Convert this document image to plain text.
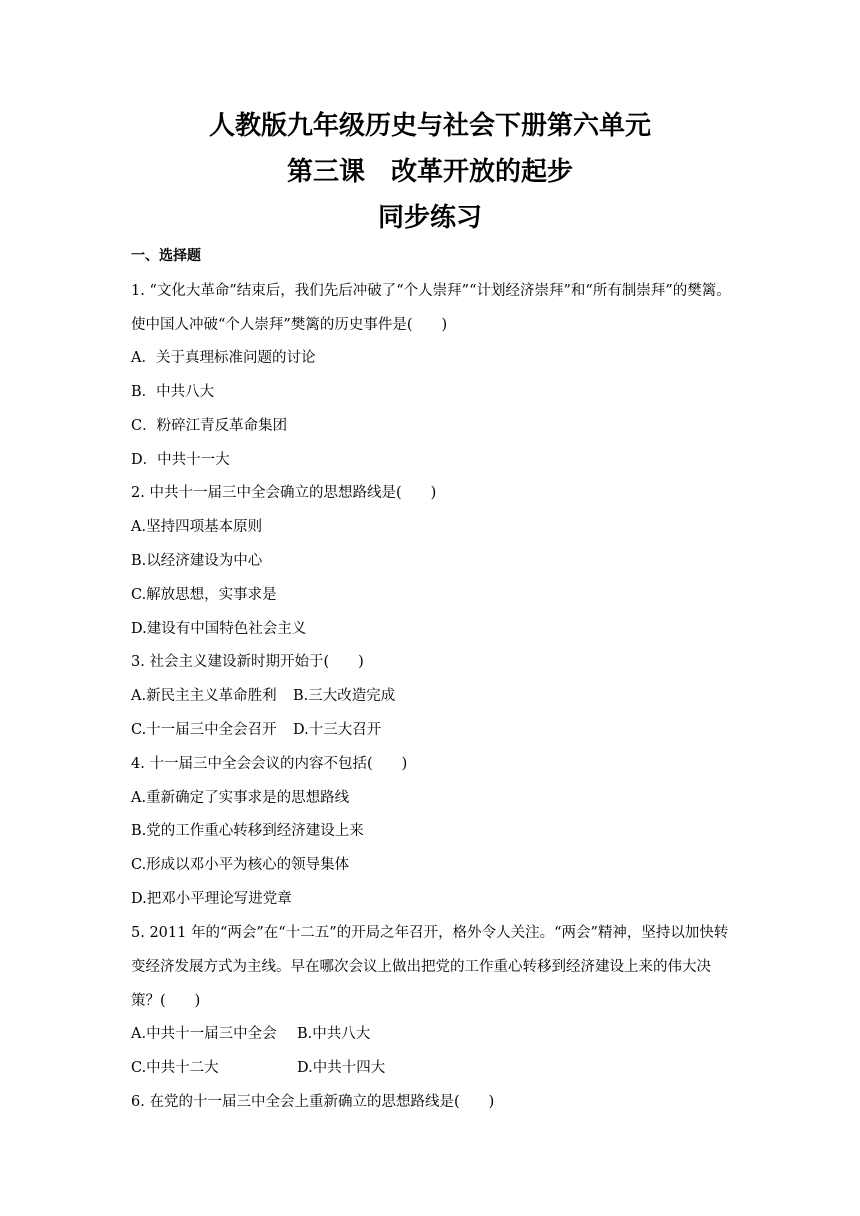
人教版九年级历史与社会下册第六单元
第三课　改革开放的起步
同步练习
一、选择题
1. “文化大革命”结束后，我们先后冲破了“个人崇拜”“计划经济崇拜”和“所有制崇拜”的樊篱。
使中国人冲破“个人崇拜”樊篱的历史事件是(　　)
A．关于真理标准问题的讨论
B．中共八大
C．粉碎江青反革命集团
D．中共十一大
2. 中共十一届三中全会确立的思想路线是(　　)
A.坚持四项基本原则
B.以经济建设为中心
C.解放思想，实事求是
D.建设有中国特色社会主义
3. 社会主义建设新时期开始于(　　)
A.新民主主义革命胜利 B.三大改造完成
C.十一届三中全会召开 D.十三大召开
4. 十一届三中全会会议的内容不包括(　　)
A.重新确定了实事求是的思想路线
B.党的工作重心转移到经济建设上来
C.形成以邓小平为核心的领导集体
D.把邓小平理论写进党章
5. 2011 年的“两会”在“十二五”的开局之年召开，格外令人关注。“两会”精神，坚持以加快转
变经济发展方式为主线。早在哪次会议上做出把党的工作重心转移到经济建设上来的伟大决
策？(　　)
A.中共十一届三中全会 B.中共八大
C.中共十二大	D.中共十四大
6. 在党的十一届三中全会上重新确立的思想路线是(　　)
